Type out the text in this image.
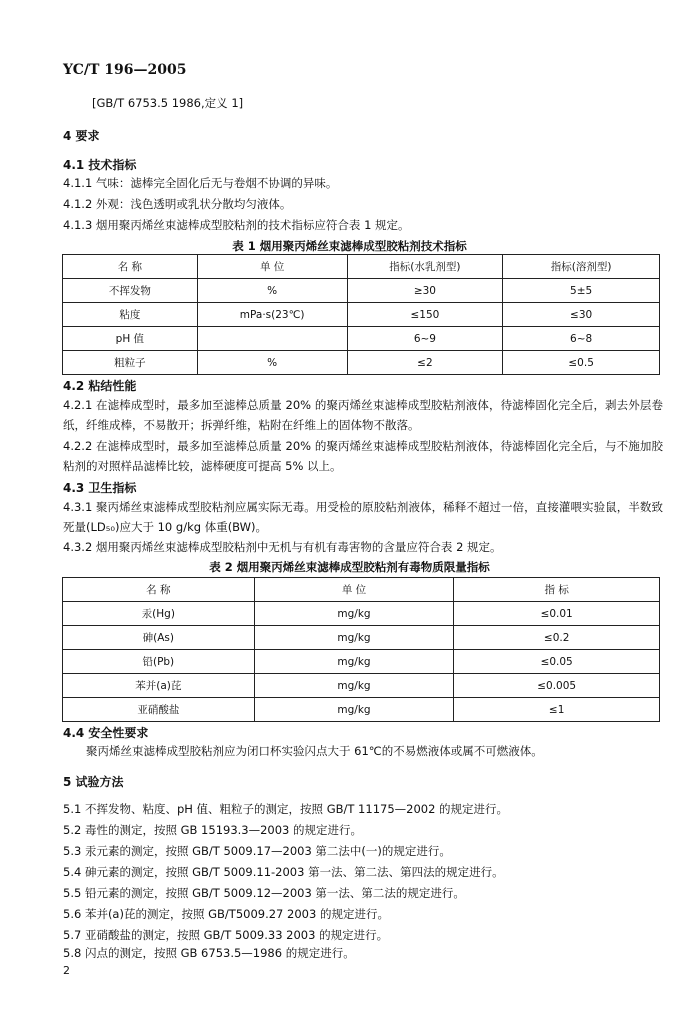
YC/T 196—2005
[GB/T 6753.5 1986,定义 1]
4 要求
4.1 技术指标
4.1.1 气味：滤棒完全固化后无与卷烟不协调的异味。
4.1.2 外观：浅色透明或乳状分散均匀液体。
4.1.3 烟用聚丙烯丝束滤棒成型胶粘剂的技术指标应符合表 1 规定。
表 1 烟用聚丙烯丝束滤棒成型胶粘剂技术指标
名 称	单 位	指标(水乳剂型)	指标(溶剂型)
不挥发物	%	≥30	5±5
粘度	mPa·s(23℃)	≤150	≤30
pH 值		6~9	6~8
粗粒子	%	≤2	≤0.5
4.2 粘结性能
4.2.1 在滤棒成型时，最多加至滤棒总质量 20% 的聚丙烯丝束滤棒成型胶粘剂液体，待滤棒固化完全后，剥去外层卷纸，纤维成棒，不易散开；拆弹纤维，粘附在纤维上的固体物不散落。
4.2.2 在滤棒成型时，最多加至滤棒总质量 20% 的聚丙烯丝束滤棒成型胶粘剂液体，待滤棒固化完全后，与不施加胶粘剂的对照样品滤棒比较，滤棒硬度可提高 5% 以上。
4.3 卫生指标
4.3.1 聚丙烯丝束滤棒成型胶粘剂应属实际无毒。用受检的原胶粘剂液体，稀释不超过一倍，直接灌喂实验鼠，半数致死量(LD₅₀)应大于 10 g/kg 体重(BW)。
4.3.2 烟用聚丙烯丝束滤棒成型胶粘剂中无机与有机有毒害物的含量应符合表 2 规定。
表 2 烟用聚丙烯丝束滤棒成型胶粘剂有毒物质限量指标
名 称	单 位	指 标
汞(Hg)	mg/kg	≤0.01
砷(As)	mg/kg	≤0.2
铅(Pb)	mg/kg	≤0.05
苯并(a)芘	mg/kg	≤0.005
亚硝酸盐	mg/kg	≤1
4.4 安全性要求
聚丙烯丝束滤棒成型胶粘剂应为闭口杯实验闪点大于 61℃的不易燃液体或属不可燃液体。
5 试验方法
5.1 不挥发物、粘度、pH 值、粗粒子的测定，按照 GB/T 11175—2002 的规定进行。
5.2 毒性的测定，按照 GB 15193.3—2003 的规定进行。
5.3 汞元素的测定，按照 GB/T 5009.17—2003 第二法中(一)的规定进行。
5.4 砷元素的测定，按照 GB/T 5009.11-2003 第一法、第二法、第四法的规定进行。
5.5 铅元素的测定，按照 GB/T 5009.12—2003 第一法、第二法的规定进行。
5.6 苯并(a)芘的测定，按照 GB/T5009.27 2003 的规定进行。
5.7 亚硝酸盐的测定，按照 GB/T 5009.33 2003 的规定进行。
5.8 闪点的测定，按照 GB 6753.5—1986 的规定进行。
2
